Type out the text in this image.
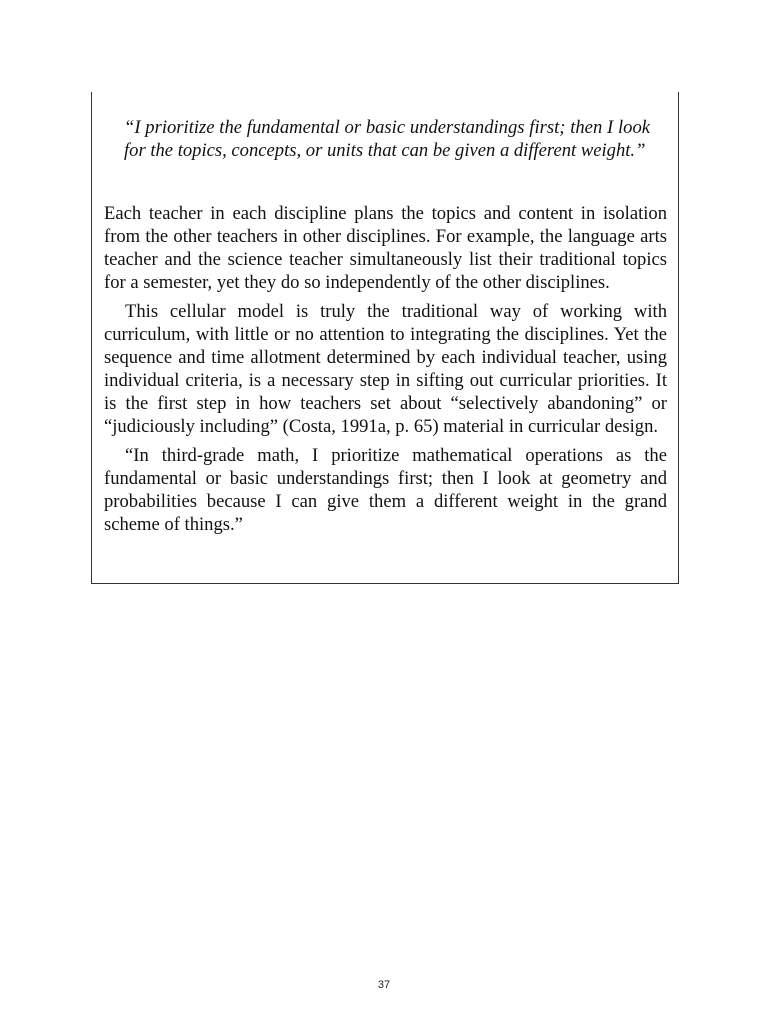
“I prioritize the fundamental or basic understandings first; then I look for the topics, concepts, or units that can be given a different weight.”

Each teacher in each discipline plans the topics and content in isolation from the other teachers in other disciplines. For example, the language arts teacher and the science teacher simultaneously list their traditional topics for a semester, yet they do so independently of the other disciplines.

This cellular model is truly the traditional way of working with curriculum, with little or no attention to integrating the disciplines. Yet the sequence and time allotment determined by each individual teacher, using individual criteria, is a necessary step in sifting out curricular priorities. It is the first step in how teachers set about “selectively abandoning” or “judiciously including” (Costa, 1991a, p. 65) material in curricular design.

“In third-grade math, I prioritize mathematical operations as the fundamental or basic understandings first; then I look at geometry and probabilities because I can give them a different weight in the grand scheme of things.”

37
